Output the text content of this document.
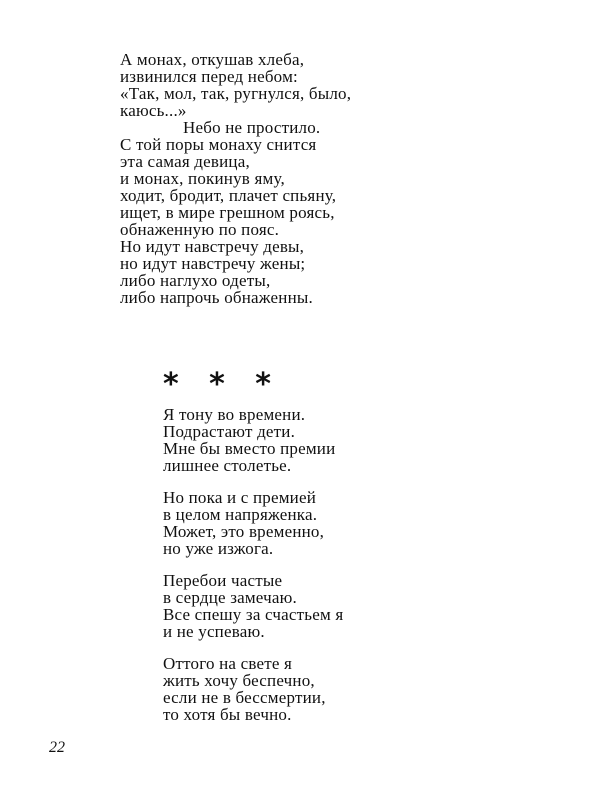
А монах, откушав хлеба,
извинился перед небом:
«Так, мол, так, ругнулся, было,
каюсь...»
Небо не простило.
С той поры монаху снится
эта самая девица,
и монах, покинув яму,
ходит, бродит, плачет спьяну,
ищет, в мире грешном роясь,
обнаженную по пояс.
Но идут навстречу девы,
но идут навстречу жены;
либо наглухо одеты,
либо напрочь обнаженны.
* * *
Я тону во времени.
Подрастают дети.
Мне бы вместо премии
лишнее столетье.
Но пока и с премией
в целом напряженка.
Может, это временно,
но уже изжога.
Перебои частые
в сердце замечаю.
Все спешу за счастьем я
и не успеваю.
Оттого на свете я
жить хочу беспечно,
если не в бессмертии,
то хотя бы вечно.
22
